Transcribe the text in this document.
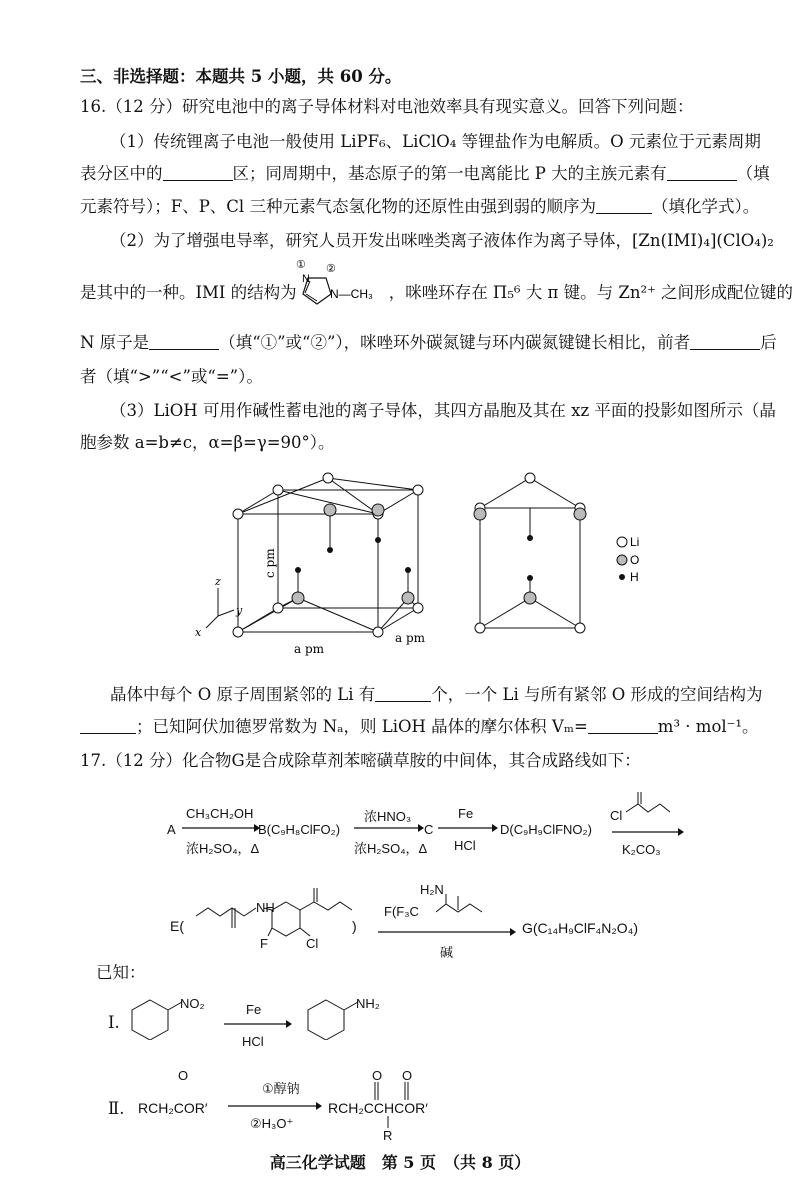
三、非选择题：本题共 5 小题，共 60 分。
16.（12 分）研究电池中的离子导体材料对电池效率具有现实意义。回答下列问题：
（1）传统锂离子电池一般使用 LiPF₆、LiClO₄ 等锂盐作为电解质。O 元素位于元素周期
表分区中的	区；同周期中，基态原子的第一电离能比 P 大的主族元素有	（填
元素符号）；F、P、Cl 三种元素气态氢化物的还原性由强到弱的顺序为	（填化学式）。
（2）为了增强电导率，研究人员开发出咪唑类离子液体作为离子导体，[Zn(IMI)₄](ClO₄)₂
是其中的一种。IMI 的结构为	，咪唑环存在 Π₅⁶ 大 π 键。与 Zn²⁺ 之间形成配位键的
①
N
②
N—CH₃
N 原子是	（填“①”或“②”），咪唑环外碳氮键与环内碳氮键键长相比，前者	后
者（填“>”“<”或“=”）。
（3）LiOH 可用作碱性蓄电池的离子导体，其四方晶胞及其在 xz 平面的投影如图所示（晶
胞参数 a=b≠c，α=β=γ=90°）。
z
y
x
c pm
a pm
a pm
Li
O
H
晶体中每个 O 原子周围紧邻的 Li 有	个，一个 Li 与所有紧邻 O 形成的空间结构为
；已知阿伏加德罗常数为 Nₐ，则 LiOH 晶体的摩尔体积 Vₘ=	m³ · mol⁻¹。
17.（12 分）化合物G是合成除草剂苯嘧磺草胺的中间体，其合成路线如下：
A
CH₃CH₂OH
浓H₂SO₄，Δ
B(C₉H₈ClFO₂)
浓HNO₃
浓H₂SO₄，Δ
C
Fe
HCl
D(C₉H₉ClFNO₂)
Cl
K₂CO₃
E(
NH
F	Cl
)
F(F₃C
H₂N
碱
G(C₁₄H₉ClF₄N₂O₄)
已知：
Ⅰ.
NO₂	Fe
HCl
NH₂
Ⅱ. RCH₂COR′
O
①醇钠
②H₃O⁺
RCH₂CCHCOR′
O O
R
高三化学试题　第 5 页　（共 8 页）
